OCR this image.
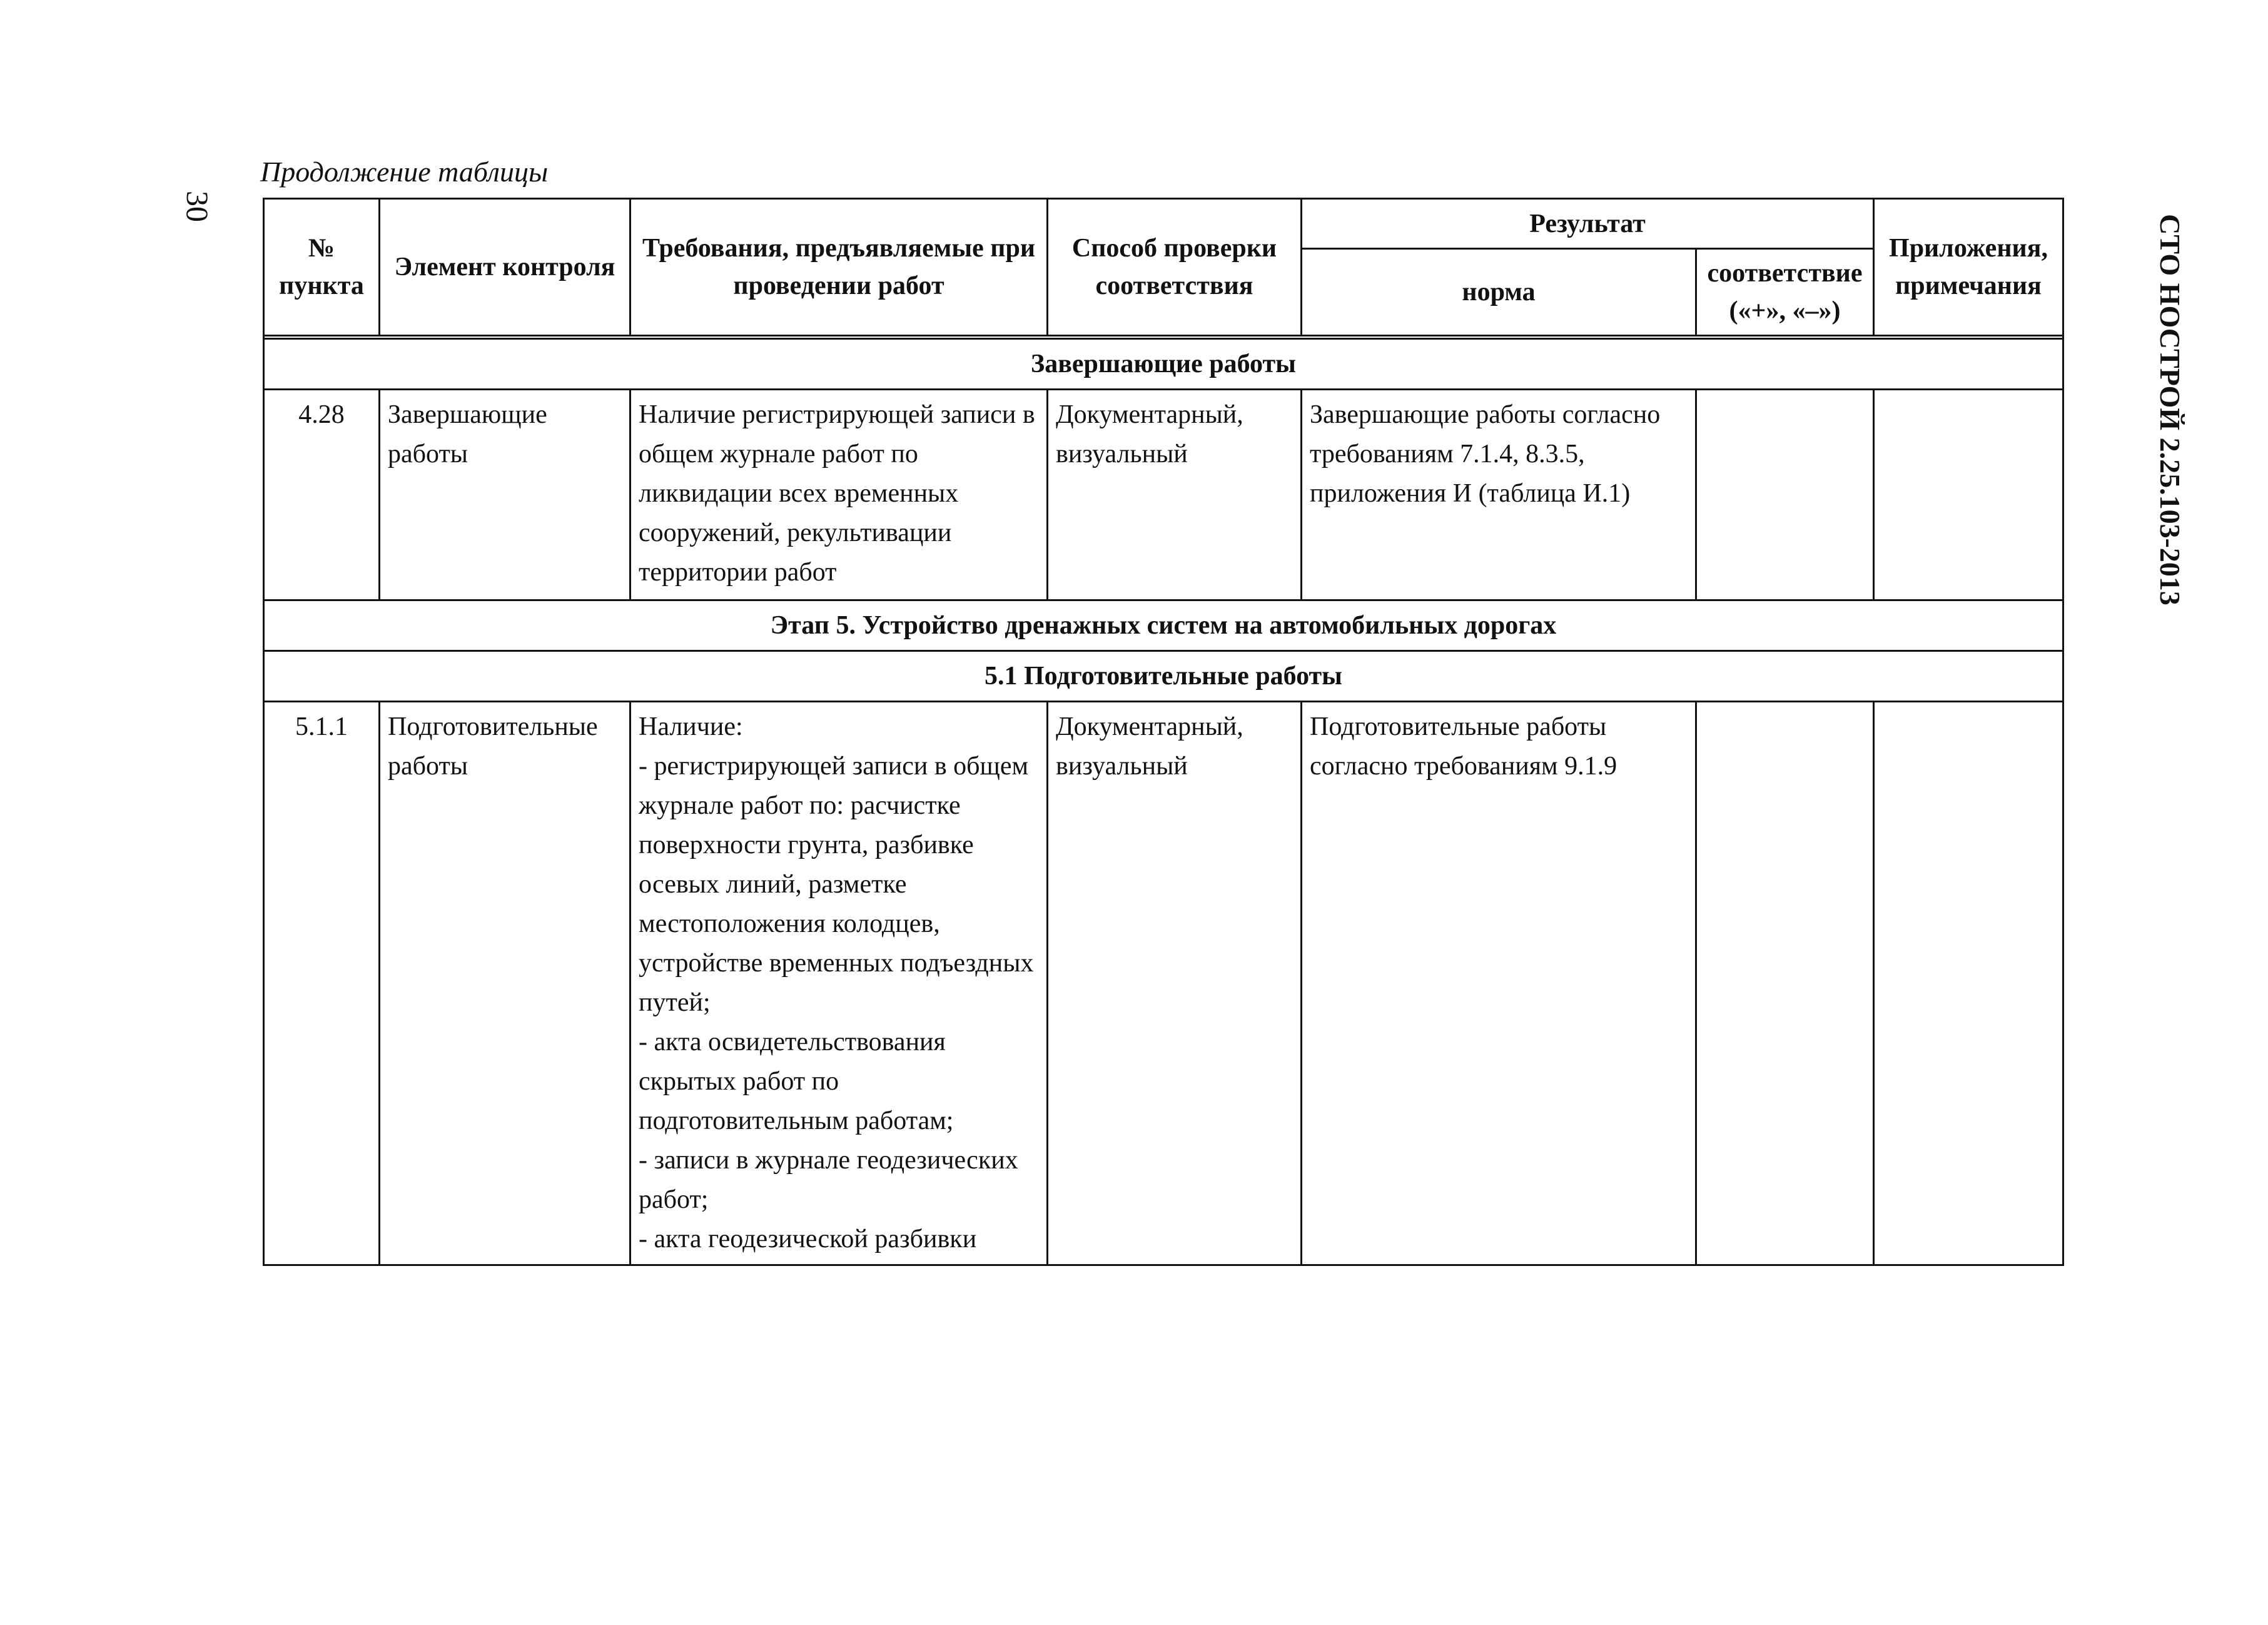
30
СТО НОСТРОЙ 2.25.103-2013
Продолжение таблицы
№ пункта	Элемент контроля	Требования, предъявляемые при проведении работ	Способ проверки соответствия	Результат		Приложения, примечания
				норма	соответствие («+», «–»)	

Завершающие работы						
4.28	Завершающие работы	Наличие регистрирующей записи в общем журнале работ по ликвидации всех временных сооружений, рекультивации территории работ	Документарный, визуальный	Завершающие работы согласно требованиям 7.1.4, 8.3.5, приложения И (таблица И.1)		
Этап 5. Устройство дренажных систем на автомобильных дорогах						
5.1 Подготовительные работы						
5.1.1	Подготовительные работы	Наличие:
- регистрирующей записи в общем журнале работ по: расчистке поверхности грунта, разбивке осевых линий, разметке местоположения колодцев, устройстве временных подъездных путей;
- акта освидетельствования скрытых работ по подготовительным работам;
- записи в журнале геодезических работ;
- акта геодезической разбивки	Документарный, визуальный	Подготовительные работы согласно требованиям 9.1.9		
